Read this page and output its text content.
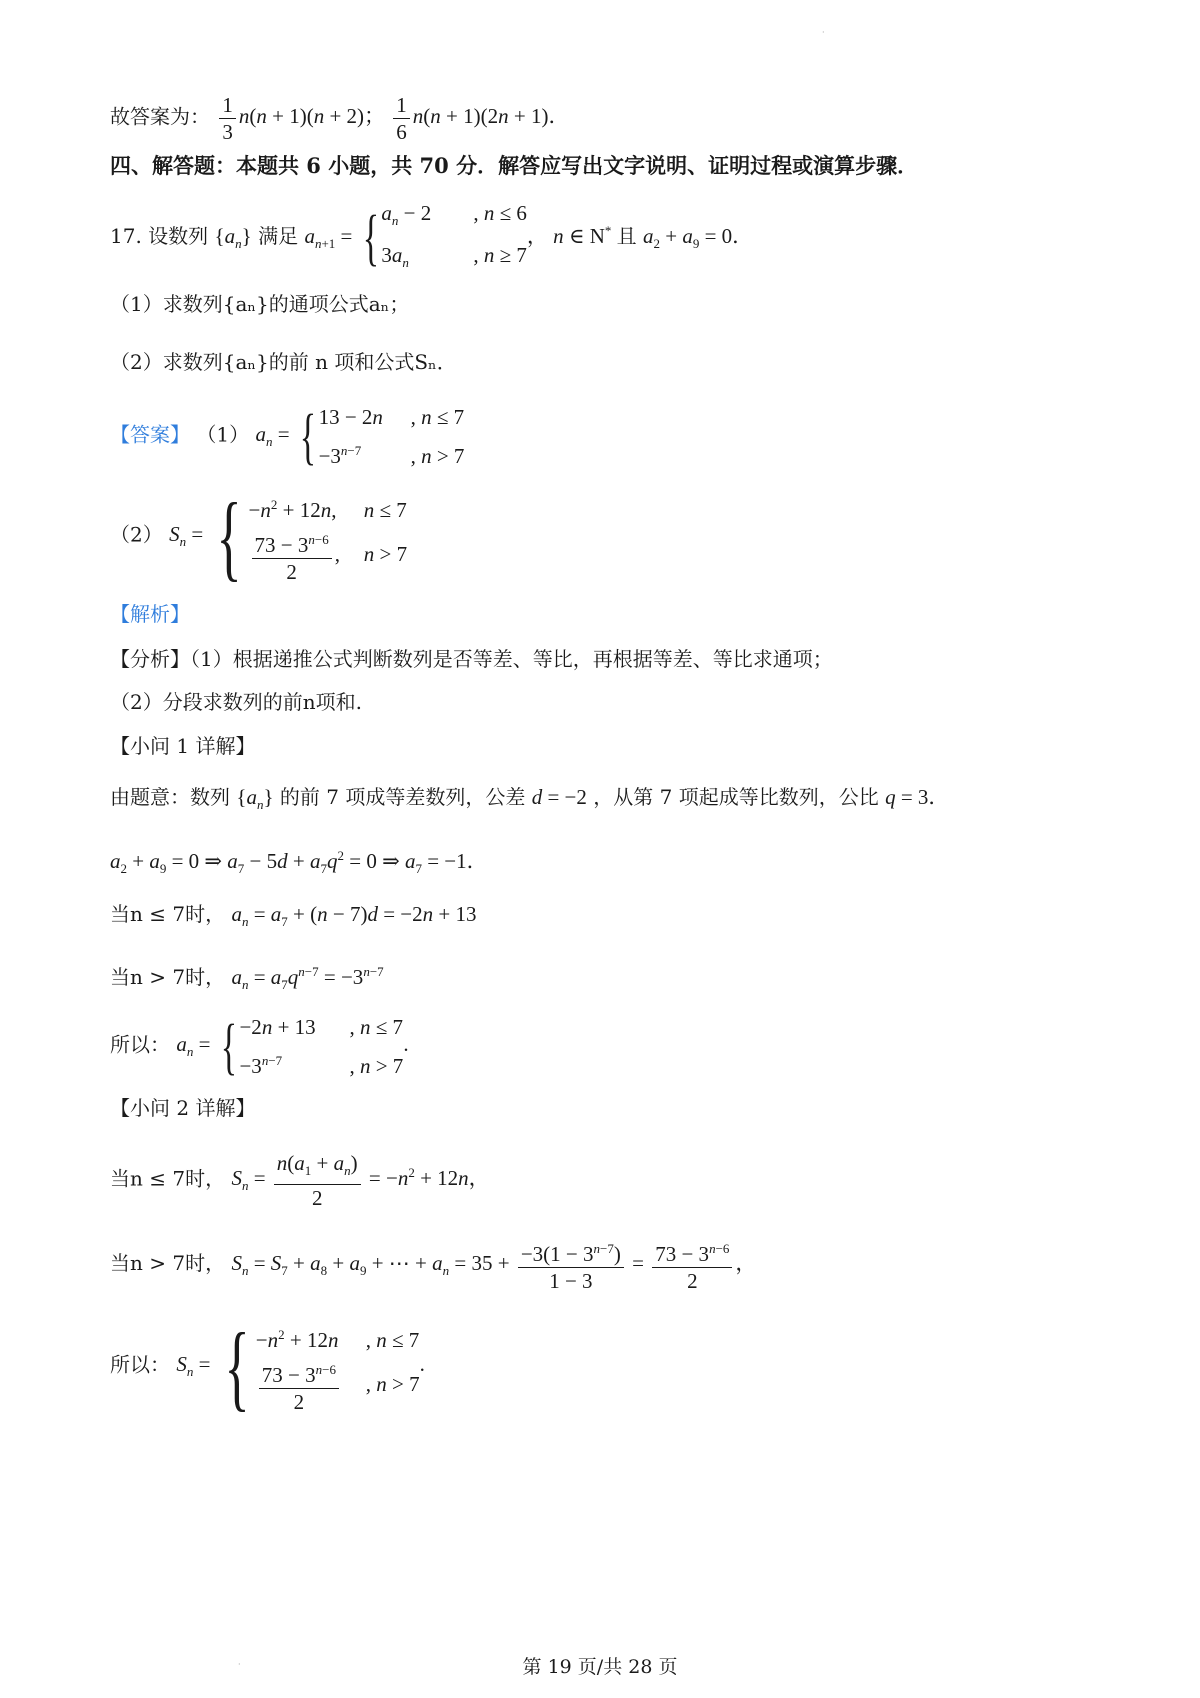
故答案为： $\frac{1}{3} n(n + 1)(n + 2)$； $\frac{1}{6} n(n + 1)(2n + 1)$．
四、解答题：本题共 6 小题，共 70 分．解答应写出文字说明、证明过程或演算步骤．
17. 设数列 $\{a_n\}$ 满足 $a_{n+1}$ = { $a_n - 2$ , n ≤ 6
$3a_n$	, n ≥ 7
， n ∈ N* 且 $a_2 + a_9 = 0$．
（1）求数列{aₙ}的通项公式aₙ；
（2）求数列{aₙ}的前 n 项和公式Sₙ．
【答案】 （1） $a_n$ = { 13 − 2n , n ≤ 7
$-3^{n-7}$ , n > 7
（2） $S_n$ = { $-n^2 + 12n$, n ≤ 7
$\frac{73 - 3^{n-6}}{2}$ , n > 7
【解析】
【分析】（1）根据递推公式判断数列是否等差、等比，再根据等差、等比求通项；
（2）分段求数列的前n项和.
【小问 1 详解】
由题意：数列 $\{a_n\}$ 的前 7 项成等差数列，公差 d = −2 ，从第 7 项起成等比数列，公比 q = 3．
$a_2 + a_9 = 0$ ⇒ $a_7 - 5d + a_7q^2 = 0$ ⇒ $a_7 = -1$．
当n ≤ 7时， $a_n = a_7 + (n - 7)d = -2n + 13$
当n > 7时， $a_n = a_7q^{n-7} = -3^{n-7}$
所以： $a_n$ = { −2n + 13 , n ≤ 7
$-3^{n-7}$	, n > 7
.
【小问 2 详解】
当n ≤ 7时， $S_n = \frac{n(a_1 + a_n)}{2} = -n^2 + 12n$，
当n > 7时， $S_n = S_7 + a_8 + a_9$ + ⋯ + $a_n = 35 + \frac{-3(1 - 3^{n-7})}{1 - 3} = \frac{73 - 3^{n-6}}{2}$ ，
所以： $S_n$ = { $-n^2 + 12n$ , n ≤ 7
$\frac{73 - 3^{n-6}}{2}$ , n > 7
.
第 19 页/共 28 页
·
·
